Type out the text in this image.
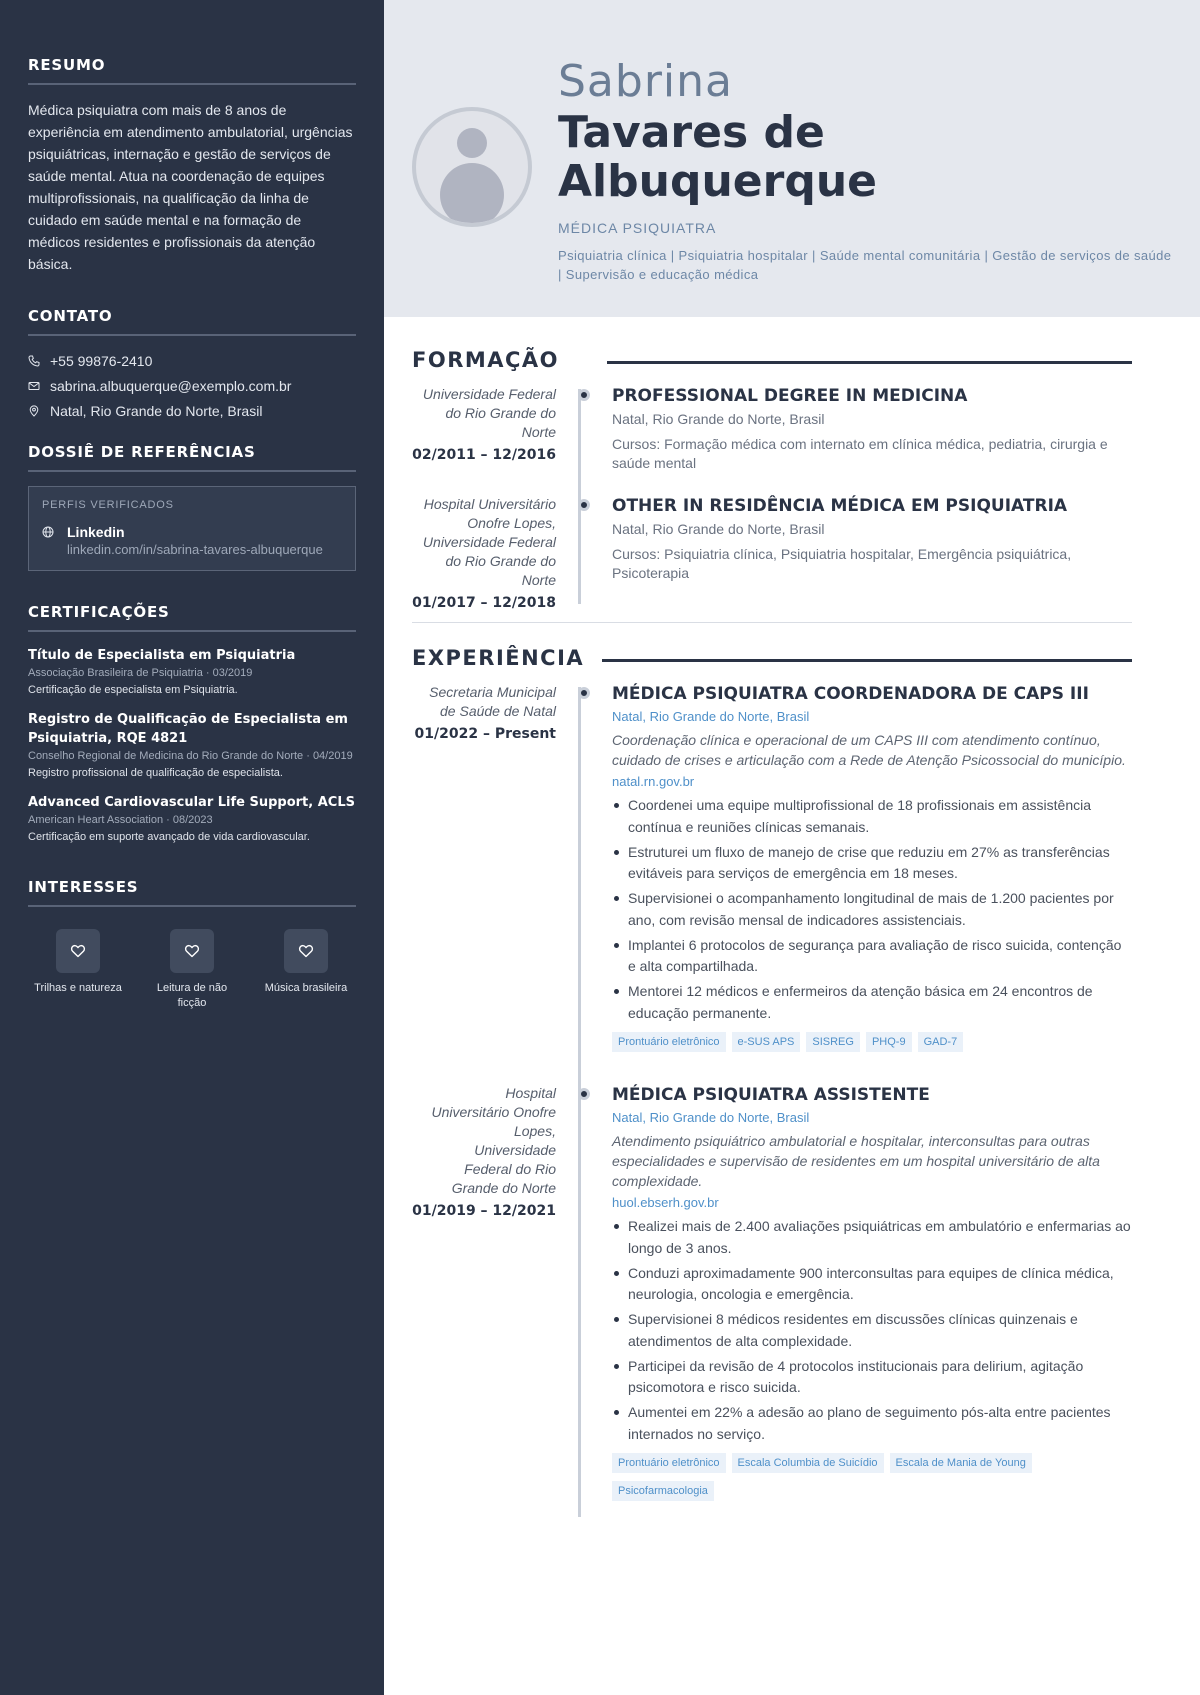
RESUMO

Médica psiquiatra com mais de 8 anos de experiência em atendimento ambulatorial, urgências psiquiátricas, internação e gestão de serviços de saúde mental. Atua na coordenação de equipes multiprofissionais, na qualificação da linha de cuidado em saúde mental e na formação de médicos residentes e profissionais da atenção básica.

CONTATO
+55 99876-2410
sabrina.albuquerque@exemplo.com.br
Natal, Rio Grande do Norte, Brasil
DOSSIÊ DE REFERÊNCIAS
PERFIS VERIFICADOS
Linkedin
linkedin.com/in/sabrina-tavares-albuquerque
CERTIFICAÇÕES
Título de Especialista em Psiquiatria
Associação Brasileira de Psiquiatria · 03/2019
Certificação de especialista em Psiquiatria.
Registro de Qualificação de Especialista em Psiquiatria, RQE 4821
Conselho Regional de Medicina do Rio Grande do Norte · 04/2019
Registro profissional de qualificação de especialista.
Advanced Cardiovascular Life Support, ACLS
American Heart Association · 08/2023
Certificação em suporte avançado de vida cardiovascular.
INTERESSES
Trilhas e natureza	Leitura de não ficção
Música brasileira
Sabrina
Tavares de
Albuquerque
MÉDICA PSIQUIATRA
Psiquiatria clínica | Psiquiatria hospitalar | Saúde mental comunitária | Gestão de serviços de saúde | Supervisão e educação médica
FORMAÇÃO
Universidade Federal do Rio Grande do Norte
02/2011 – 12/2016
PROFESSIONAL DEGREE IN MEDICINA
Natal, Rio Grande do Norte, Brasil
Cursos: Formação médica com internato em clínica médica, pediatria, cirurgia e saúde mental
Hospital Universitário Onofre Lopes, Universidade Federal do Rio Grande do Norte
01/2017 – 12/2018
OTHER IN RESIDÊNCIA MÉDICA EM PSIQUIATRIA
Natal, Rio Grande do Norte, Brasil
Cursos: Psiquiatria clínica, Psiquiatria hospitalar, Emergência psiquiátrica, Psicoterapia
EXPERIÊNCIA
Secretaria Municipal de Saúde de Natal
01/2022 – Present
MÉDICA PSIQUIATRA COORDENADORA DE CAPS III
Natal, Rio Grande do Norte, Brasil
Coordenação clínica e operacional de um CAPS III com atendimento contínuo, cuidado de crises e articulação com a Rede de Atenção Psicossocial do município.
natal.rn.gov.br
Coordenei uma equipe multiprofissional de 18 profissionais em assistência contínua e reuniões clínicas semanais.
Estruturei um fluxo de manejo de crise que reduziu em 27% as transferências evitáveis para serviços de emergência em 18 meses.
Supervisionei o acompanhamento longitudinal de mais de 1.200 pacientes por ano, com revisão mensal de indicadores assistenciais.
Implantei 6 protocolos de segurança para avaliação de risco suicida, contenção e alta compartilhada.
Mentorei 12 médicos e enfermeiros da atenção básica em 24 encontros de educação permanente.
Prontuário eletrônico	e-SUS APS	SISREG	PHQ-9	GAD-7
Hospital Universitário Onofre Lopes, Universidade Federal do Rio Grande do Norte
01/2019 – 12/2021
MÉDICA PSIQUIATRA ASSISTENTE
Natal, Rio Grande do Norte, Brasil
Atendimento psiquiátrico ambulatorial e hospitalar, interconsultas para outras especialidades e supervisão de residentes em um hospital universitário de alta complexidade.
huol.ebserh.gov.br
Realizei mais de 2.400 avaliações psiquiátricas em ambulatório e enfermarias ao longo de 3 anos.
Conduzi aproximadamente 900 interconsultas para equipes de clínica médica, neurologia, oncologia e emergência.
Supervisionei 8 médicos residentes em discussões clínicas quinzenais e atendimentos de alta complexidade.
Participei da revisão de 4 protocolos institucionais para delirium, agitação psicomotora e risco suicida.
Aumentei em 22% a adesão ao plano de seguimento pós-alta entre pacientes internados no serviço.
Prontuário eletrônico	Escala Columbia de Suicídio	Escala de Mania de Young
Psicofarmacologia
